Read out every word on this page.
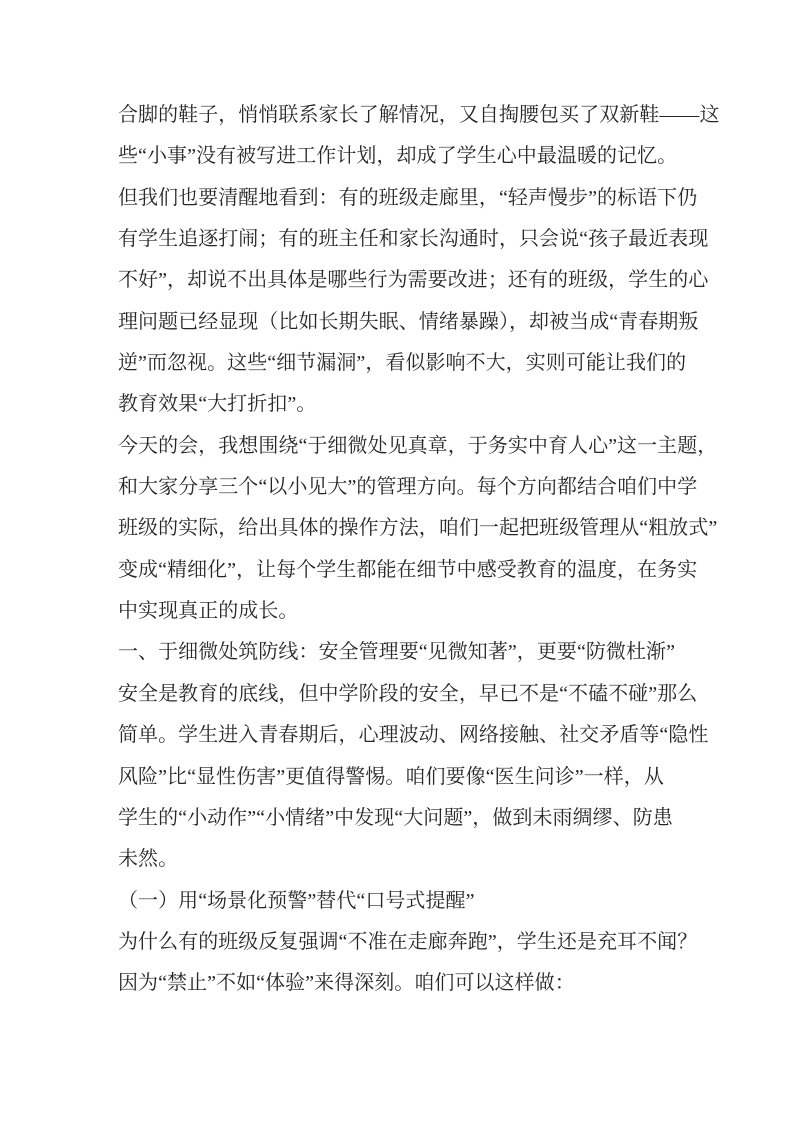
合脚的鞋子，悄悄联系家长了解情况，又自掏腰包买了双新鞋——这
些“小事”没有被写进工作计划，却成了学生心中最温暖的记忆。
但我们也要清醒地看到：有的班级走廊里，“轻声慢步”的标语下仍
有学生追逐打闹；有的班主任和家长沟通时，只会说“孩子最近表现
不好”，却说不出具体是哪些行为需要改进；还有的班级，学生的心
理问题已经显现（比如长期失眠、情绪暴躁），却被当成“青春期叛
逆”而忽视。这些“细节漏洞”，看似影响不大，实则可能让我们的
教育效果“大打折扣”。
今天的会，我想围绕“于细微处见真章，于务实中育人心”这一主题，
和大家分享三个“以小见大”的管理方向。每个方向都结合咱们中学
班级的实际，给出具体的操作方法，咱们一起把班级管理从“粗放式”
变成“精细化”，让每个学生都能在细节中感受教育的温度，在务实
中实现真正的成长。
一、于细微处筑防线：安全管理要“见微知著”，更要“防微杜渐”
安全是教育的底线，但中学阶段的安全，早已不是“不磕不碰”那么
简单。学生进入青春期后，心理波动、网络接触、社交矛盾等“隐性
风险”比“显性伤害”更值得警惕。咱们要像“医生问诊”一样，从
学生的“小动作”“小情绪”中发现“大问题”，做到未雨绸缪、防患
未然。
（一）用“场景化预警”替代“口号式提醒”
为什么有的班级反复强调“不准在走廊奔跑”，学生还是充耳不闻？
因为“禁止”不如“体验”来得深刻。咱们可以这样做：
